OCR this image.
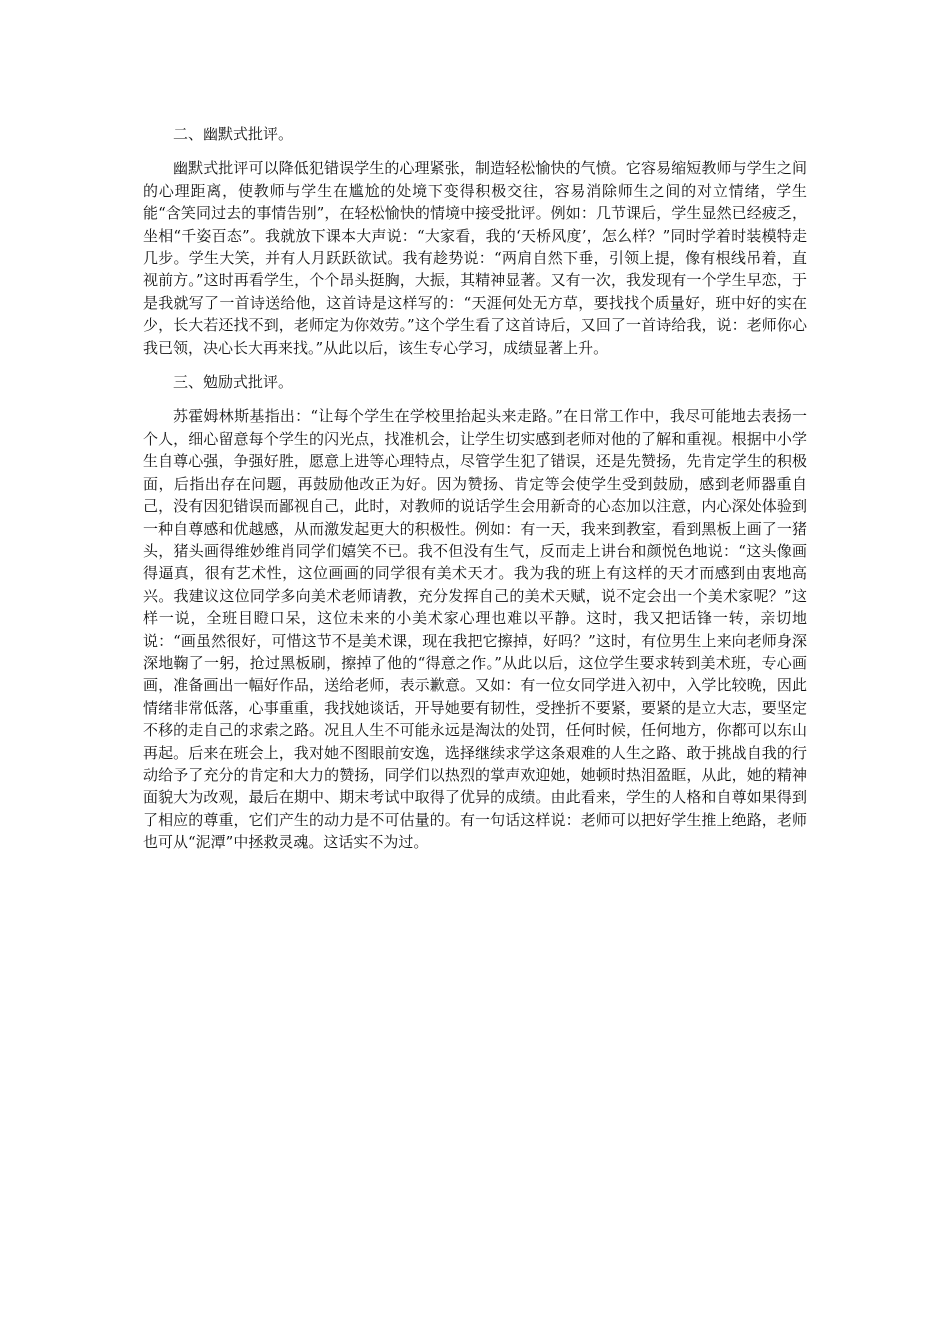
二、幽默式批评。

幽默式批评可以降低犯错误学生的心理紧张，制造轻松愉快的气愤。它容易缩短教师与学生之间的心理距离，使教师与学生在尴尬的处境下变得积极交往，容易消除师生之间的对立情绪，学生能“含笑同过去的事情告别”，在轻松愉快的情境中接受批评。例如：几节课后，学生显然已经疲乏，坐相“千姿百态”。我就放下课本大声说：“大家看，我的‘天桥风度’，怎么样？”同时学着时装模特走几步。学生大笑，并有人月跃跃欲试。我有趁势说：“两肩自然下垂，引领上提，像有根线吊着，直视前方。”这时再看学生，个个昂头挺胸，大振，其精神显著。又有一次，我发现有一个学生早恋，于是我就写了一首诗送给他，这首诗是这样写的：“天涯何处无方草，要找找个质量好，班中好的实在少，长大若还找不到，老师定为你效劳。”这个学生看了这首诗后，又回了一首诗给我，说：老师你心我已领，决心长大再来找。”从此以后，该生专心学习，成绩显著上升。

三、勉励式批评。

苏霍姆林斯基指出：“让每个学生在学校里抬起头来走路。”在日常工作中，我尽可能地去表扬一个人，细心留意每个学生的闪光点，找准机会，让学生切实感到老师对他的了解和重视。根据中小学生自尊心强，争强好胜，愿意上进等心理特点，尽管学生犯了错误，还是先赞扬，先肯定学生的积极面，后指出存在问题，再鼓励他改正为好。因为赞扬、肯定等会使学生受到鼓励，感到老师器重自己，没有因犯错误而鄙视自己，此时，对教师的说话学生会用新奇的心态加以注意，内心深处体验到一种自尊感和优越感，从而激发起更大的积极性。例如：有一天，我来到教室，看到黑板上画了一猪头，猪头画得维妙维肖同学们嬉笑不已。我不但没有生气，反而走上讲台和颜悦色地说：“这头像画得逼真，很有艺术性，这位画画的同学很有美术天才。我为我的班上有这样的天才而感到由衷地高兴。我建议这位同学多向美术老师请教，充分发挥自己的美术天赋，说不定会出一个美术家呢？”这样一说，全班目瞪口呆，这位未来的小美术家心理也难以平静。这时，我又把话锋一转，亲切地说：“画虽然很好，可惜这节不是美术课，现在我把它擦掉，好吗？”这时，有位男生上来向老师身深深地鞠了一躬，抢过黑板刷，擦掉了他的“得意之作。”从此以后，这位学生要求转到美术班，专心画画，准备画出一幅好作品，送给老师，表示歉意。又如：有一位女同学进入初中，入学比较晚，因此情绪非常低落，心事重重，我找她谈话，开导她要有韧性，受挫折不要紧，要紧的是立大志，要坚定不移的走自己的求索之路。况且人生不可能永远是淘汰的处罚，任何时候，任何地方，你都可以东山再起。后来在班会上，我对她不图眼前安逸，选择继续求学这条艰难的人生之路、敢于挑战自我的行动给予了充分的肯定和大力的赞扬，同学们以热烈的掌声欢迎她，她顿时热泪盈眶，从此，她的精神面貌大为改观，最后在期中、期末考试中取得了优异的成绩。由此看来，学生的人格和自尊如果得到了相应的尊重，它们产生的动力是不可估量的。有一句话这样说：老师可以把好学生推上绝路，老师也可从“泥潭”中拯救灵魂。这话实不为过。
